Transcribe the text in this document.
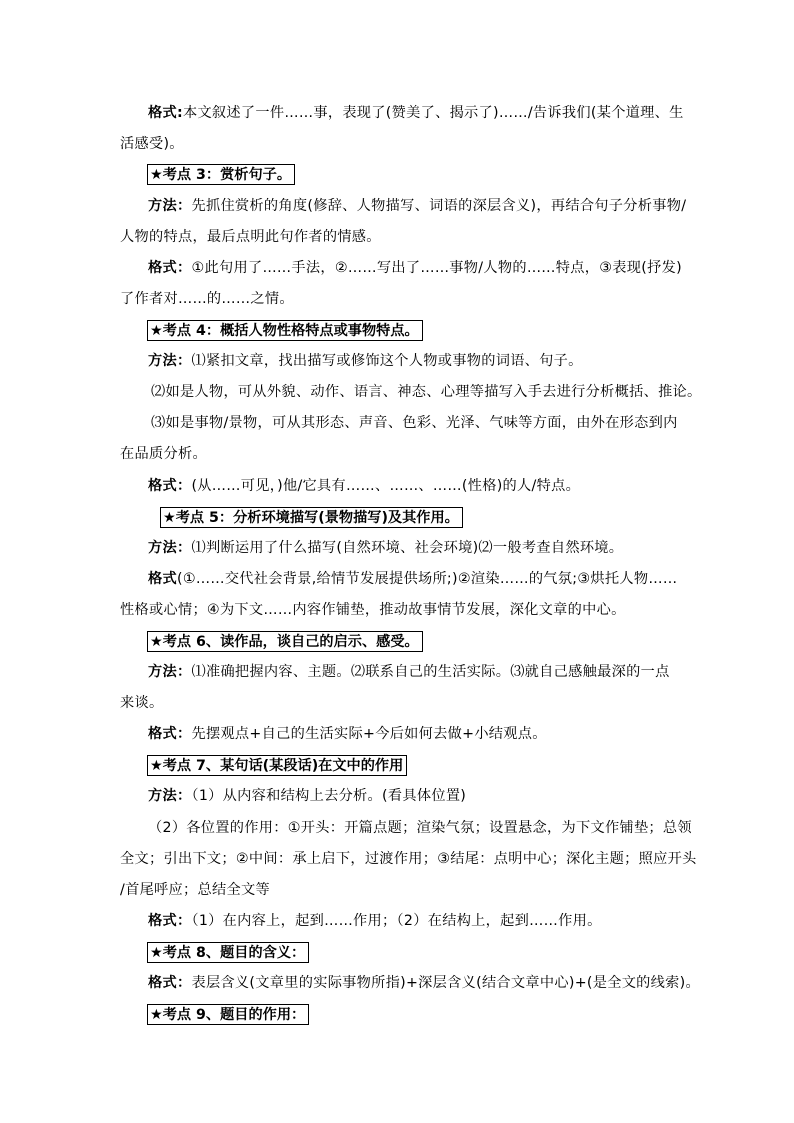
格式:本文叙述了一件……事，表现了(赞美了、揭示了)……/告诉我们(某个道理、生
活感受)。
★考点 3：赏析句子。
方法：先抓住赏析的角度(修辞、人物描写、词语的深层含义)，再结合句子分析事物/
人物的特点，最后点明此句作者的情感。
格式：①此句用了……手法，②……写出了……事物/人物的……特点，③表现(抒发)
了作者对……的……之情。
★考点 4：概括人物性格特点或事物特点。
方法：⑴紧扣文章，找出描写或修饰这个人物或事物的词语、句子。
⑵如是人物，可从外貌、动作、语言、神态、心理等描写入手去进行分析概括、推论。
⑶如是事物/景物，可从其形态、声音、色彩、光泽、气味等方面，由外在形态到内
在品质分析。
格式：(从……可见，)他/它具有……、……、……(性格)的人/特点。
★考点 5：分析环境描写(景物描写)及其作用。
方法：⑴判断运用了什么描写(自然环境、社会环境)⑵一般考查自然环境。
格式(①……交代社会背景,给情节发展提供场所;)②渲染……的气氛;③烘托人物……
性格或心情；④为下文……内容作铺垫，推动故事情节发展，深化文章的中心。
★考点 6、读作品，谈自己的启示、感受。
方法：⑴准确把握内容、主题。⑵联系自己的生活实际。⑶就自己感触最深的一点
来谈。
格式：先摆观点+自己的生活实际+今后如何去做+小结观点。
★考点 7、某句话(某段话)在文中的作用
方法：（1）从内容和结构上去分析。(看具体位置)
（2）各位置的作用：①开头：开篇点题；渲染气氛；设置悬念，为下文作铺垫；总领
全文；引出下文；②中间：承上启下，过渡作用；③结尾：点明中心；深化主题；照应开头
/首尾呼应；总结全文等
格式：（1）在内容上，起到……作用；（2）在结构上，起到……作用。
★考点 8、题目的含义：
格式：表层含义(文章里的实际事物所指)+深层含义(结合文章中心)+(是全文的线索)。
★考点 9、题目的作用：
